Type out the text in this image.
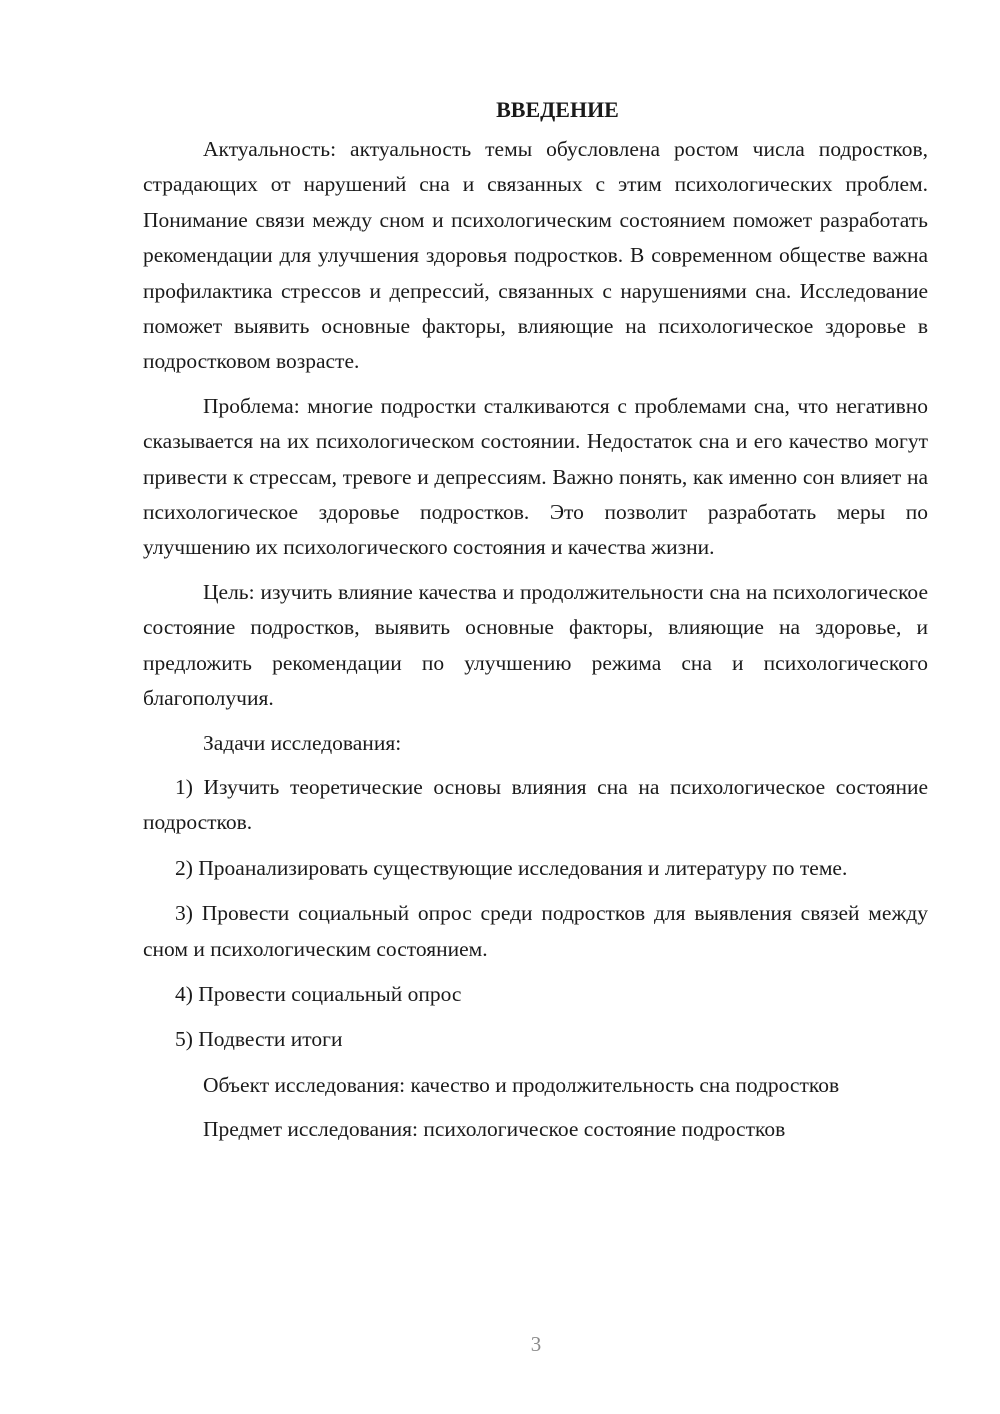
ВВЕДЕНИЕ

Актуальность: актуальность темы обусловлена ростом числа подростков, страдающих от нарушений сна и связанных с этим психологических проблем. Понимание связи между сном и психологическим состоянием поможет разработать рекомендации для улучшения здоровья подростков. В современном обществе важна профилактика стрессов и депрессий, связанных с нарушениями сна. Исследование поможет выявить основные факторы, влияющие на психологическое здоровье в подростковом возрасте.

Проблема: многие подростки сталкиваются с проблемами сна, что негативно сказывается на их психологическом состоянии. Недостаток сна и его качество могут привести к стрессам, тревоге и депрессиям. Важно понять, как именно сон влияет на психологическое здоровье подростков. Это позволит разработать меры по улучшению их психологического состояния и качества жизни.

Цель: изучить влияние качества и продолжительности сна на психологическое состояние подростков, выявить основные факторы, влияющие на здоровье, и предложить рекомендации по улучшению режима сна и психологического благополучия.

Задачи исследования:

1) Изучить теоретические основы влияния сна на психологическое состояние подростков.

2) Проанализировать существующие исследования и литературу по теме.

3) Провести социальный опрос среди подростков для выявления связей между сном и психологическим состоянием.

4) Провести социальный опрос

5) Подвести итоги

Объект исследования: качество и продолжительность сна подростков

Предмет исследования: психологическое состояние подростков

3
